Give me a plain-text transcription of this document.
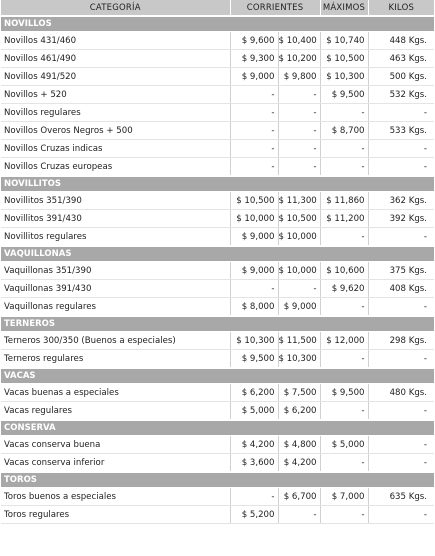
CATEGORÍA	CORRIENTES		MÁXIMOS	KILOS
NOVILLOS				
Novillos 431/460	$ 9,600	$ 10,400	$ 10,740	448 Kgs.
Novillos 461/490	$ 9,300	$ 10,200	$ 10,500	463 Kgs.
Novillos 491/520	$ 9,000	$ 9,800	$ 10,300	500 Kgs.
Novillos + 520	-	-	$ 9,500	532 Kgs.
Novillos regulares	-	-	-	-
Novillos Overos Negros + 500	-	-	$ 8,700	533 Kgs.
Novillos Cruzas indicas	-	-	-	-
Novillos Cruzas europeas	-	-	-	-
NOVILLITOS				
Novillitos 351/390	$ 10,500	$ 11,300	$ 11,860	362 Kgs.
Novillitos 391/430	$ 10,000	$ 10,500	$ 11,200	392 Kgs.
Novillitos regulares	$ 9,000	$ 10,000	-	-
VAQUILLONAS				
Vaquillonas 351/390	$ 9,000	$ 10,000	$ 10,600	375 Kgs.
Vaquillonas 391/430	-	-	$ 9,620	408 Kgs.
Vaquillonas regulares	$ 8,000	$ 9,000	-	-
TERNEROS				
Terneros 300/350 (Buenos a especiales)	$ 10,300	$ 11,500	$ 12,000	298 Kgs.
Terneros regulares	$ 9,500	$ 10,300	-	-
VACAS				
Vacas buenas a especiales	$ 6,200	$ 7,500	$ 9,500	480 Kgs.
Vacas regulares	$ 5,000	$ 6,200	-	-
CONSERVA				
Vacas conserva buena	$ 4,200	$ 4,800	$ 5,000	-
Vacas conserva inferior	$ 3,600	$ 4,200	-	-
TOROS				
Toros buenos a especiales	-	$ 6,700	$ 7,000	635 Kgs.
Toros regulares	$ 5,200	-	-	-
